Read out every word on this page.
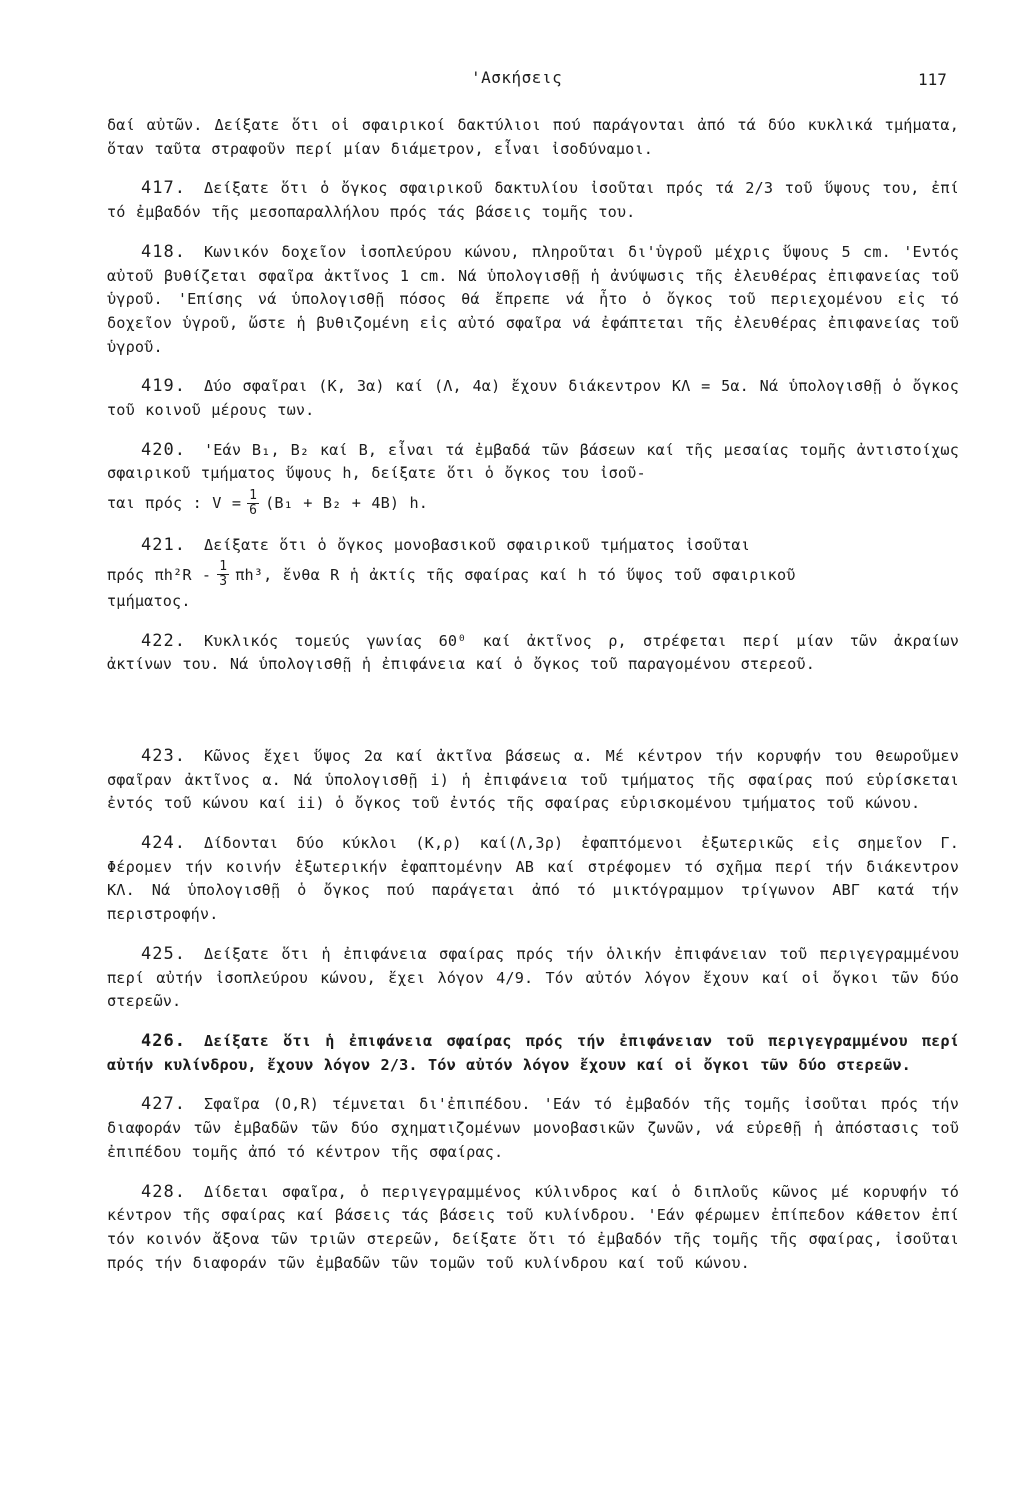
'Ασκήσεις	117

δαί αὐτῶν. Δείξατε ὅτι οἱ σφαιρικοί δακτύλιοι πού παράγονται ἀπό τά δύο κυκλικά τμήματα, ὅταν ταῦτα στραφοῦν περί μίαν διάμετρον, εἶναι ἰσοδύναμοι.

417. Δείξατε ὅτι ὁ ὄγκος σφαιρικοῦ δακτυλίου ἰσοῦται πρός τά 2/3 τοῦ ὕψους του, ἐπί τό ἐμβαδόν τῆς μεσοπαραλλήλου πρός τάς βάσεις τομῆς του.

418. Κωνικόν δοχεῖον ἰσοπλεύρου κώνου, πληροῦται δι'ὑγροῦ μέχρις ὕψους 5 cm. 'Εντός αὐτοῦ βυθίζεται σφαῖρα ἀκτῖνος 1 cm. Νά ὑπολογισθῇ ἡ ἀνύψωσις τῆς ἐλευθέρας ἐπιφανείας τοῦ ὑγροῦ. 'Επίσης νά ὑπολογισθῇ πόσος θά ἔπρεπε νά ἦτο ὁ ὄγκος τοῦ περιεχομένου εἰς τό δοχεῖον ὑγροῦ, ὥστε ἡ βυθιζομένη εἰς αὐτό σφαῖρα νά ἐφάπτεται τῆς ἐλευθέρας ἐπιφανείας τοῦ ὑγροῦ.

419. Δύο σφαῖραι (Κ, 3α) καί (Λ, 4α) ἔχουν διάκεντρον ΚΛ = 5α. Νά ὑπολογισθῇ ὁ ὄγκος τοῦ κοινοῦ μέρους των.

420. 'Εάν Β₁, Β₂ καί Β, εἶναι τά ἐμβαδά τῶν βάσεων καί τῆς μεσαίας τομῆς ἀντιστοίχως σφαιρικοῦ τμήματος ὕψους h, δείξατε ὅτι ὁ ὄγκος του ἰσοῦ-
ται πρός : $V = \frac{1}{6} (B_1 + B_2 + 4B)$ h.
421. Δείξατε ὅτι ὁ ὄγκος μονοβασικοῦ σφαιρικοῦ τμήματος ἰσοῦται
πρός $\pi h^2R - \frac{1}{3} \pi h^3$, ἔνθα R ἡ ἀκτίς τῆς σφαίρας καί h τό ὕψος τοῦ σφαιρικοῦ
τμήματος.

422. Κυκλικός τομεύς γωνίας 60⁰ καί ἀκτῖνος ρ, στρέφεται περί μίαν τῶν ἀκραίων ἀκτίνων του. Νά ὑπολογισθῇ ἡ ἐπιφάνεια καί ὁ ὄγκος τοῦ παραγομένου στερεοῦ.

423. Κῶνος ἔχει ὕψος 2α καί ἀκτῖνα βάσεως α. Μέ κέντρον τήν κορυφήν του θεωροῦμεν σφαῖραν ἀκτῖνος α. Νά ὑπολογισθῇ i) ἡ ἐπιφάνεια τοῦ τμήματος τῆς σφαίρας πού εὑρίσκεται ἐντός τοῦ κώνου καί ii) ὁ ὄγκος τοῦ ἐντός τῆς σφαίρας εὑρισκομένου τμήματος τοῦ κώνου.

424. Δίδονται δύο κύκλοι (Κ,ρ) καί(Λ,3ρ) ἐφαπτόμενοι ἐξωτερικῶς εἰς σημεῖον Γ. Φέρομεν τήν κοινήν ἐξωτερικήν ἐφαπτομένην ΑΒ καί στρέφομεν τό σχῆμα περί τήν διάκεντρον ΚΛ. Νά ὑπολογισθῇ ὁ ὄγκος πού παράγεται ἀπό τό μικτόγραμμον τρίγωνον ΑΒΓ κατά τήν περιστροφήν.

425. Δείξατε ὅτι ἡ ἐπιφάνεια σφαίρας πρός τήν ὁλικήν ἐπιφάνειαν τοῦ περιγεγραμμένου περί αὐτήν ἰσοπλεύρου κώνου, ἔχει λόγον 4/9. Τόν αὐτόν λόγον ἔχουν καί οἱ ὄγκοι τῶν δύο στερεῶν.

426. Δείξατε ὅτι ἡ ἐπιφάνεια σφαίρας πρός τήν ἐπιφάνειαν τοῦ περιγεγραμμένου περί αὐτήν κυλίνδρου, ἔχουν λόγον 2/3. Τόν αὐτόν λόγον ἔχουν καί οἱ ὄγκοι τῶν δύο στερεῶν.

427. Σφαῖρα (Ο,R) τέμνεται δι'ἐπιπέδου. 'Εάν τό ἐμβαδόν τῆς τομῆς ἰσοῦται πρός τήν διαφοράν τῶν ἐμβαδῶν τῶν δύο σχηματιζομένων μονοβασικῶν ζωνῶν, νά εὑρεθῇ ἡ ἀπόστασις τοῦ ἐπιπέδου τομῆς ἀπό τό κέντρον τῆς σφαίρας.

428. Δίδεται σφαῖρα, ὁ περιγεγραμμένος κύλινδρος καί ὁ διπλοῦς κῶνος μέ κορυφήν τό κέντρον τῆς σφαίρας καί βάσεις τάς βάσεις τοῦ κυλίνδρου. 'Εάν φέρωμεν ἐπίπεδον κάθετον ἐπί τόν κοινόν ἄξονα τῶν τριῶν στερεῶν, δείξατε ὅτι τό ἐμβαδόν τῆς τομῆς τῆς σφαίρας, ἰσοῦται πρός τήν διαφοράν τῶν ἐμβαδῶν τῶν τομῶν τοῦ κυλίνδρου καί τοῦ κώνου.
